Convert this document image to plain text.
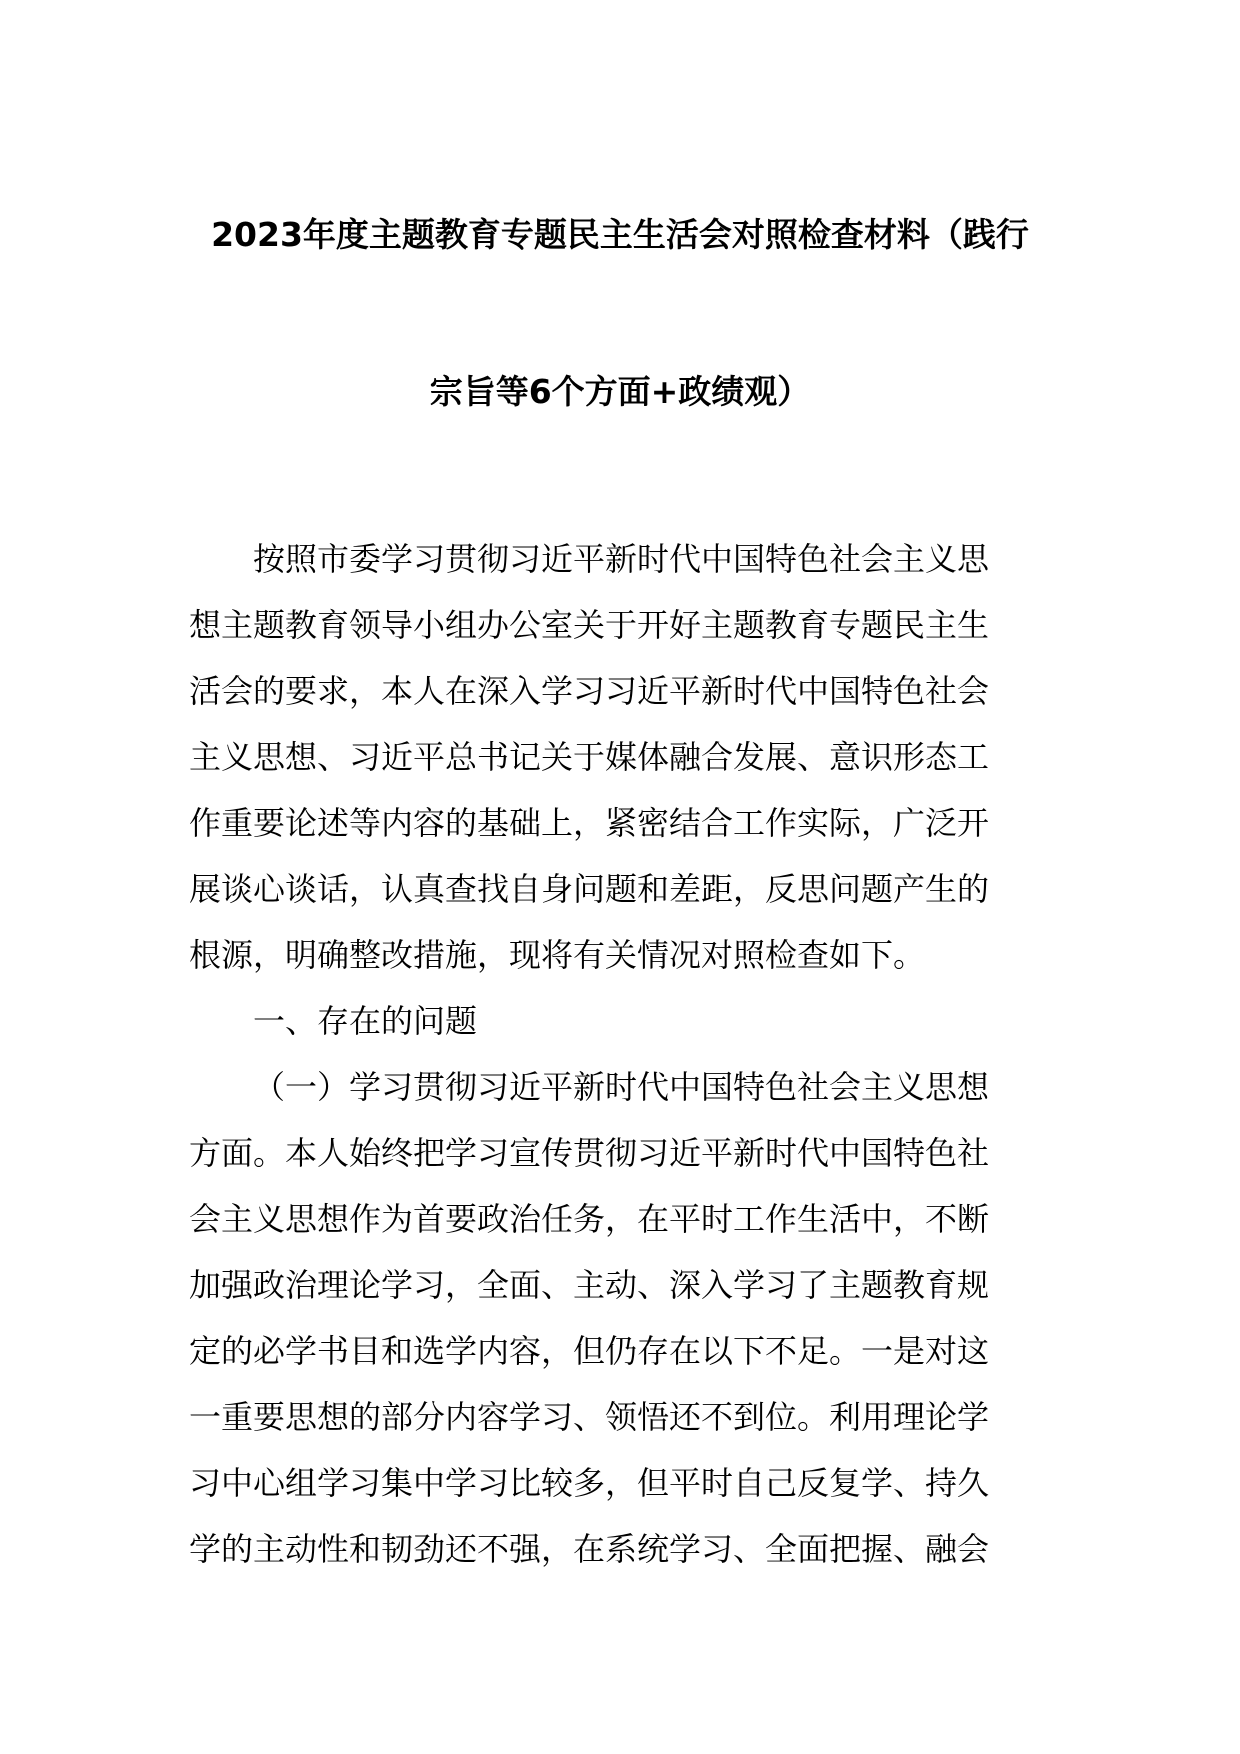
2023年度主题教育专题民主生活会对照检查材料（践行
宗旨等6个方面+政绩观）
按照市委学习贯彻习近平新时代中国特色社会主义思
想主题教育领导小组办公室关于开好主题教育专题民主生
活会的要求，本人在深入学习习近平新时代中国特色社会
主义思想、习近平总书记关于媒体融合发展、意识形态工
作重要论述等内容的基础上，紧密结合工作实际，广泛开
展谈心谈话，认真查找自身问题和差距，反思问题产生的
根源，明确整改措施，现将有关情况对照检查如下。
一、存在的问题
（一）学习贯彻习近平新时代中国特色社会主义思想
方面。本人始终把学习宣传贯彻习近平新时代中国特色社
会主义思想作为首要政治任务，在平时工作生活中，不断
加强政治理论学习，全面、主动、深入学习了主题教育规
定的必学书目和选学内容，但仍存在以下不足。一是对这
一重要思想的部分内容学习、领悟还不到位。利用理论学
习中心组学习集中学习比较多，但平时自己反复学、持久
学的主动性和韧劲还不强，在系统学习、全面把握、融会
